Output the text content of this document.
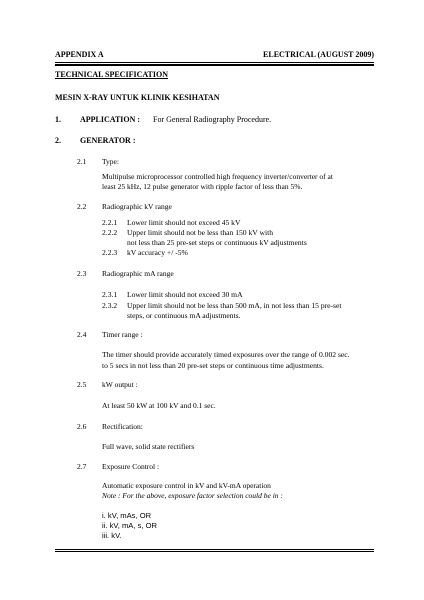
APPENDIX A	ELECTRICAL (AUGUST 2009)
TECHNICAL SPECIFICATION
MESIN X-RAY UNTUK KLINIK KESIHATAN
1. APPLICATION : For General Radiography Procedure.
2. GENERATOR :
2.1 Type:
Multipulse microprocessor controlled high frequency inverter/converter of at
least 25 kHz, 12 pulse generator with ripple factor of less than 5%.
2.2 Radiographic kV range
2.2.1 Lower limit should not exceed 45 kV
2.2.2 Upper limit should not be less than 150 kV with
not less than 25 pre-set steps or continuous kV adjustments
2.2.3 kV accuracy +/ -5%
2.3 Radiographic mA range
2.3.1 Lower limit should not exceed 30 mA
2.3.2 Upper limit should not be less than 500 mA, in not less than 15 pre-set
steps, or continuous mA adjustments.
2.4 Timer range :
The timer should provide accurately timed exposures over the range of 0.002 sec.
to 5 secs in not less than 20 pre-set steps or continuous time adjustments.
2.5 kW output :
At least 50 kW at 100 kV and 0.1 sec.
2.6 Rectification:
Full wave, solid state rectifiers
2.7 Exposure Control :
Automatic exposure control in kV and kV-mA operation
Note : For the above, exposure factor selection could be in :
i. kV, mAs, OR
ii. kV, mA, s, OR
iii. kV.
